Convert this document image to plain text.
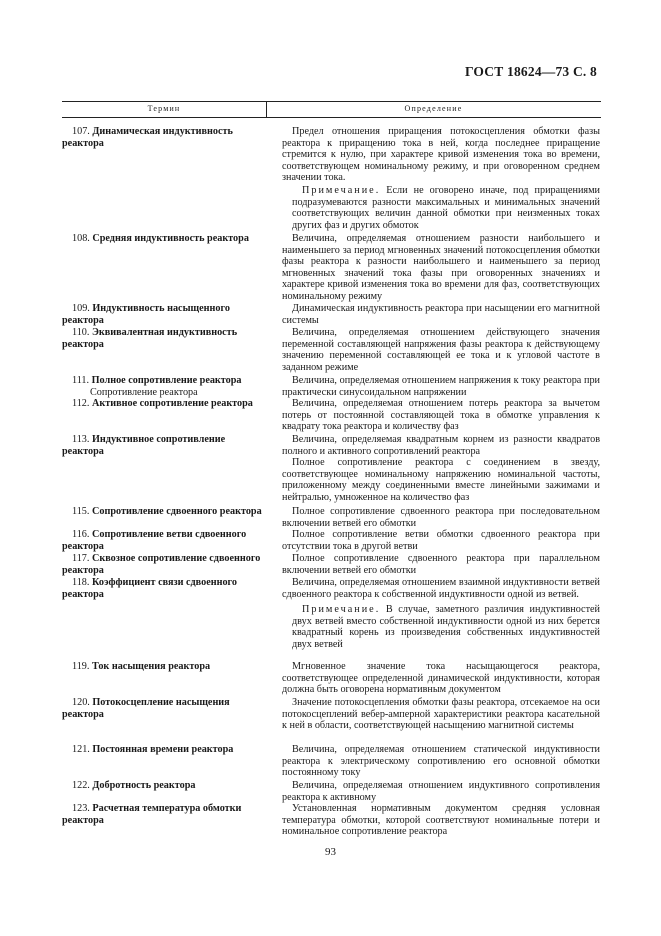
ГОСТ 18624—73 С. 8
Термин	Определение
107. Динамическая индуктивность реактора
108. Средняя индуктивность реактора
109. Индуктивность насыщенного реактора
110. Эквивалентная индуктивность реактора
111. Полное сопротивление реактора
Сопротивление реактора
112. Активное сопротивление реактора
113. Индуктивное сопротивление реактора
115. Сопротивление сдвоенного реактора
116. Сопротивление ветви сдвоенного реактора
117. Сквозное сопротивление сдвоенного реактора
118. Коэффициент связи сдвоенного реактора
119. Ток насыщения реактора
120. Потокосцепление насыщения реактора
121. Постоянная времени реактора
122. Добротность реактора
123. Расчетная температура обмотки реактора

Предел отношения приращения потокосцепления обмотки фазы реактора к приращению тока в ней, когда последнее приращение стремится к нулю, при характере кривой изменения тока во времени, соответствующем номинальному режиму, и при оговоренном среднем значении тока.

Примечание. Если не оговорено иначе, под приращениями подразумеваются разности максимальных и минимальных значений соответствующих величин данной обмотки при неизменных токах других фаз и других обмоток

Величина, определяемая отношением разности наибольшего и наименьшего за период мгновенных значений потокосцепления обмотки фазы реактора к разности наибольшего и наименьшего за период мгновенных значений тока фазы при оговоренных значениях и характере кривой изменения тока во времени для фаз, соответствующих номинальному режиму

Динамическая индуктивность реактора при насыщении его магнитной системы

Величина, определяемая отношением действующего значения переменной составляющей напряжения фазы реактора к действующему значению переменной составляющей ее тока и к угловой частоте в заданном режиме

Величина, определяемая отношением напряжения к току реактора при практически синусоидальном напряжении

Величина, определяемая отношением потерь реактора за вычетом потерь от постоянной составляющей тока в обмотке управления к квадрату тока реактора и количеству фаз

Величина, определяемая квадратным корнем из разности квадратов полного и активного сопротивлений реактора

Полное сопротивление реактора с соединением в звезду, соответствующее номинальному напряжению номинальной частоты, приложенному между соединенными вместе линейными зажимами и нейтралью, умноженное на количество фаз

Полное сопротивление сдвоенного реактора при последовательном включении ветвей его обмотки

Полное сопротивление ветви обмотки сдвоенного реактора при отсутствии тока в другой ветви

Полное сопротивление сдвоенного реактора при параллельном включении ветвей его обмотки

Величина, определяемая отношением взаимной индуктивности ветвей сдвоенного реактора к собственной индуктивности одной из ветвей.

Примечание. В случае, заметного различия индуктивностей двух ветвей вместо собственной индуктивности одной из них берется квадратный корень из произведения собственных индуктивностей двух ветвей

Мгновенное значение тока насыщающегося реактора, соответствующее определенной динамической индуктивности, которая должна быть оговорена нормативным документом

Значение потокосцепления обмотки фазы реактора, отсекаемое на оси потокосцеплений вебер-амперной характеристики реактора касательной к ней в области, соответствующей насыщению магнитной системы

Величина, определяемая отношением статической индуктивности реактора к электрическому сопротивлению его основной обмотки постоянному току

Величина, определяемая отношением индуктивного сопротивления реактора к активному

Установленная нормативным документом средняя условная температура обмотки, которой соответствуют номинальные потери и номинальное сопротивление реактора

93
